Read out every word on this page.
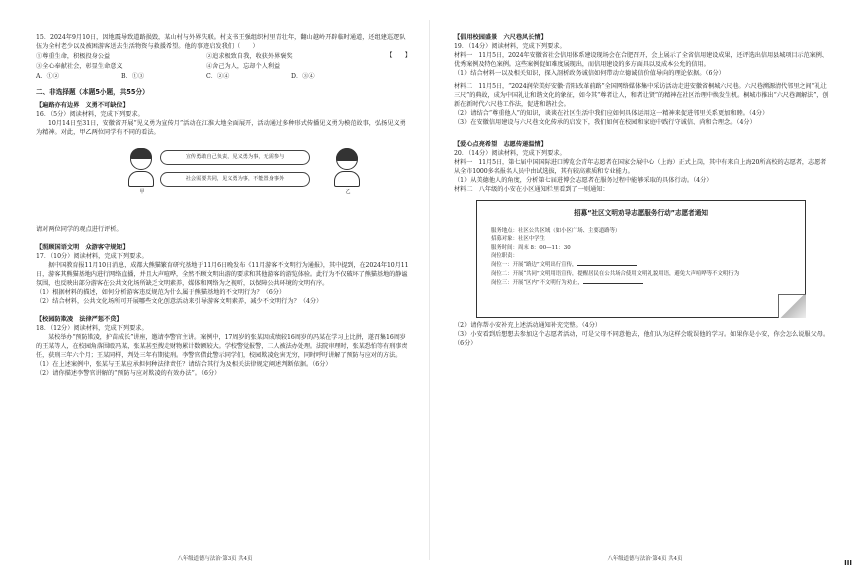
15．2024年9月10日，因地震导致道路损毁，某山村与外界失联。村支书王强组织村里青壮年，翻山越岭开辟临时通道，还组建巡逻队伍为全村老少以及被困游客送去生活物资与救援希望。他的事迹启发我们（　　）

【　　】

①尊重生命，积极投身公益	②追求极致自我，收获外界褒奖
③全心奉献社会，彰显生命意义	④舍己为人，忘却个人利益
A．①②	B．①③	C．②④	D．③④

二、非选择题（本题5小题，共55分）

【遍路亦有边界　义勇不可缺位】

16．（5分）阅读材料，完成下列要求。

10月14日至31日，安徽省开展“见义勇为宣传月”活动在江淮大地全面展开，活动通过多种形式传播见义勇为模范故事，弘扬见义勇为精神。对此，甲乙两位同学有不同的看法。

甲
宣传勇敢自己负责，见义勇为事，无需参与
社会需要共同，见义勇为事，不能置身事外
乙

请对两位同学的观点进行评析。

【照顾国语文明　众游客守规矩】

17．（10分）阅读材料，完成下列要求。

据中国教育报11月10日消息，成都大熊猫繁育研究基地于11月6日晚发布《11月游客不文明行为通报》，其中提到，在2024年10月11日，游客其熊猫基地内进行网络直播，并且大声喧哗，全然不顾文明出游的要求和其他游客的游览体验。此行为不仅破坏了熊猫基地的静谧氛围，也反映出部分游客在公共文化场所缺乏文明素养，媒体和网络为之视听，以保障公共环境的文明有序。

（1）根据材料的描述，如何分析游客违反规范为什么属于熊猫基地的不文明行为？（6分）

（2）结合材料，公共文化场所可开展哪些文化创意活动来引导游客文明素养，减少不文明行为？（4分）

【校园防欺凌　法律严惩不贷】

18．（12分）阅读材料，完成下列要求。

某校举办“预防欺凌，护苗成长”讲座，邀请李警官主讲。案例中，17周岁的张某因成绩较16周岁的冯某在学习上比拼，遂召集16周岁的王某等人，在校园角落围殴冯某，张某甚至搜走财物累计数额较大。学校警觉报警，二人被法办处理。法院审理时，张某恐怕等有刑事责任，获刑三年六个月；王某同样，判处三年有期徒刑。李警官借此警示同学们，校园欺凌危害无穷，同时呼吁讲解了预防与应对的方法。

（1）在上述案例中，张某与王某应承担何种法律责任？请结合其行为及相关法律规定阐述判断依据。（6分）

（2）请你描述李警官讲解的“预防与应对欺凌的有效办法”。（6分）

八年级道德与法治·第3页 共4页

【倡用校园盛景　六尺巷风长情】

19．（14分）阅读材料，完成下列要求。

材料一　11月5日，2024年安徽省社会信用体系建设现场会在合肥召开，会上展示了全省信用建设成果，还评选出信用县城项目示范案例、优秀案例及特色案例。这些案例促如难度展现出，而信用建设的多方面具以及成本公允的信用。

（1）结合材料一以及相关知识，探入剖析政务诚信如何带动立德诚信价值导向的理论依据。（6分）

材料二　11月5日，“2024润荣美好安徽·青阳改革前路”全国网络媒体集中采访活动走进安徽省桐城六尺巷。六尺巷溯源清代邻里之间“礼让三尺”的典故，成为中国礼让和谐文化的象征，如今其“尊者让人，和者让贤”的精神在社区治理中焕发生机。桐城市推出“六尺巷调解法”，创新在新时代六尺巷工作法，促进和谐社会。

（2）请结合“尊重他人”的知识，谈谈在社区生活中我们应如何具体运用这一精神来促进邻里关系更加和睦。（4分）

（3）在安徽信用建设与六尺巷文化传承的启发下，我们如何在校园和家庭中践行守诚信、尚和合理念。（4分）

【爱心点亮希望　志愿传递温情】

20．（14分）阅读材料，完成下列要求。

材料一　11月5日，第七届中国国际进口博览会青年志愿者在国家会展中心（上海）正式上岗，其中有来自上海20所高校的志愿者，志愿者从全市1000多名报名人员中由试选拔，其有较高素质和专业能力。

（1）从美德他人的角度，分析第七届进博会志愿者在服务过程中能够采取的具体行动。（4分）

材料二　八年级的小安在小区通知栏里看到了一则通知：

招募“社区文明劝导志愿服务行动”志愿者通知

服务地点：社区公共区域（如小区广场、主要道路等）

招募对象：社区中学生

服务时间：周末 8：00—11：30

岗位职责：

岗位一：开展“路边”文明出行宣传，

岗位二：开展“共同”文明用语宣传，提醒居民在公共场合使用文明礼貌用语，避免大声喧哗等不文明行为

岗位三：开展“区内”不文明行为劝止，

（2）请你帮小安补充上述活动通知补充完整。（4分）

（3）小安看到后想想去参加这个志愿者活动，可是父母不同意他去，他们认为这样会耽误他的学习。如果你是小安，你会怎么说服父母。（6分）

八年级道德与法治·第4页 共4页	III
